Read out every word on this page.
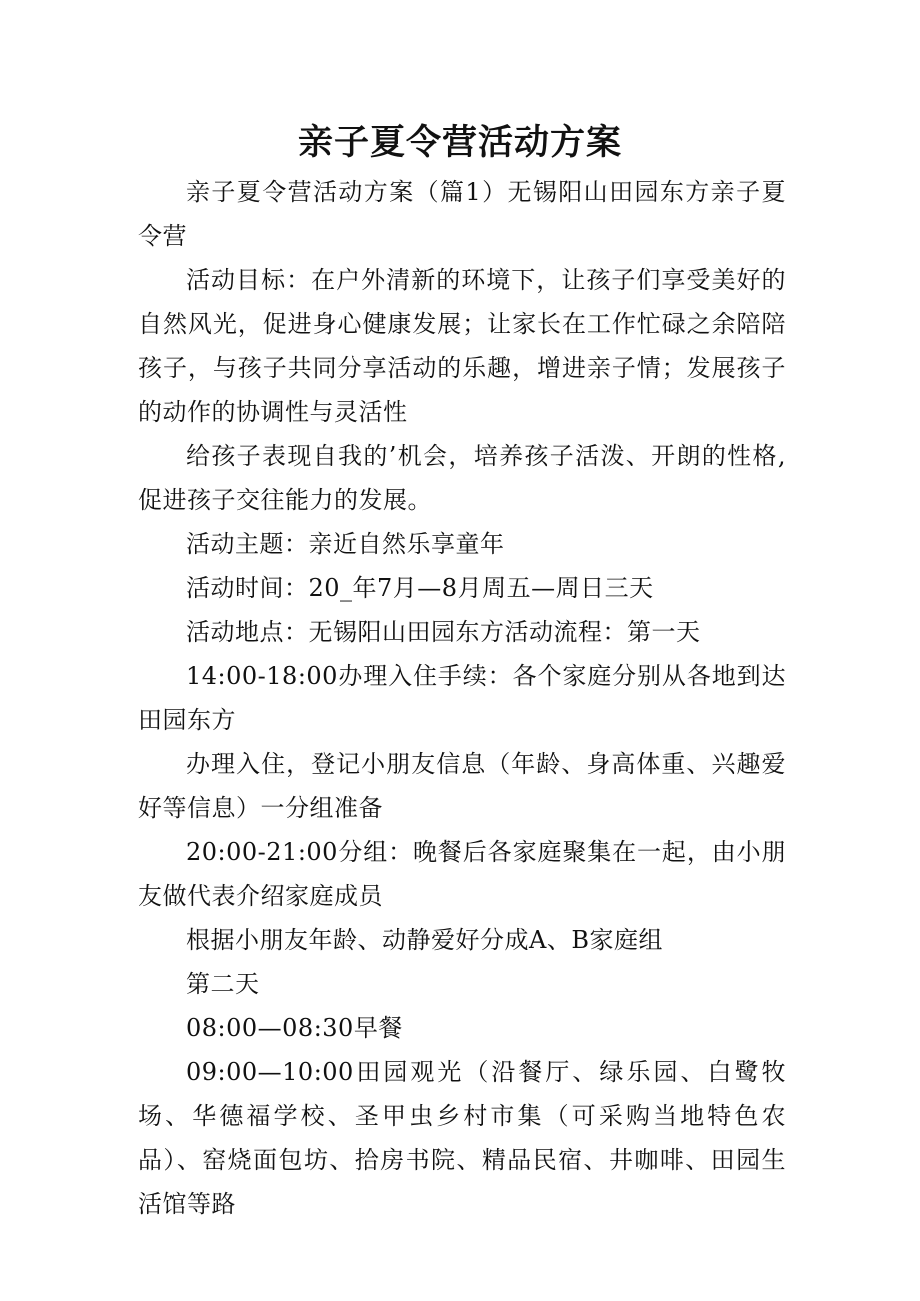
亲子夏令营活动方案

亲子夏令营活动方案（篇1）无锡阳山田园东方亲子夏令营

活动目标：在户外清新的环境下，让孩子们享受美好的自然风光，促进身心健康发展；让家长在工作忙碌之余陪陪孩子，与孩子共同分享活动的乐趣，增进亲子情；发展孩子的动作的协调性与灵活性

给孩子表现自我的’机会，培养孩子活泼、开朗的性格,促进孩子交往能力的发展。

活动主题：亲近自然乐享童年

活动时间：20_年7月—8月周五—周日三天

活动地点：无锡阳山田园东方活动流程：第一天

14:00-18:00办理入住手续：各个家庭分别从各地到达田园东方

办理入住，登记小朋友信息（年龄、身高体重、兴趣爱好等信息）一分组准备

20:00-21:00分组：晚餐后各家庭聚集在一起，由小朋友做代表介绍家庭成员

根据小朋友年龄、动静爱好分成A、B家庭组

第二天

08:00—08:30早餐

09:00—10:00田园观光（沿餐厅、绿乐园、白鹭牧场、华德福学校、圣甲虫乡村市集（可采购当地特色农品）、窑烧面包坊、拾房书院、精品民宿、井咖啡、田园生活馆等路
